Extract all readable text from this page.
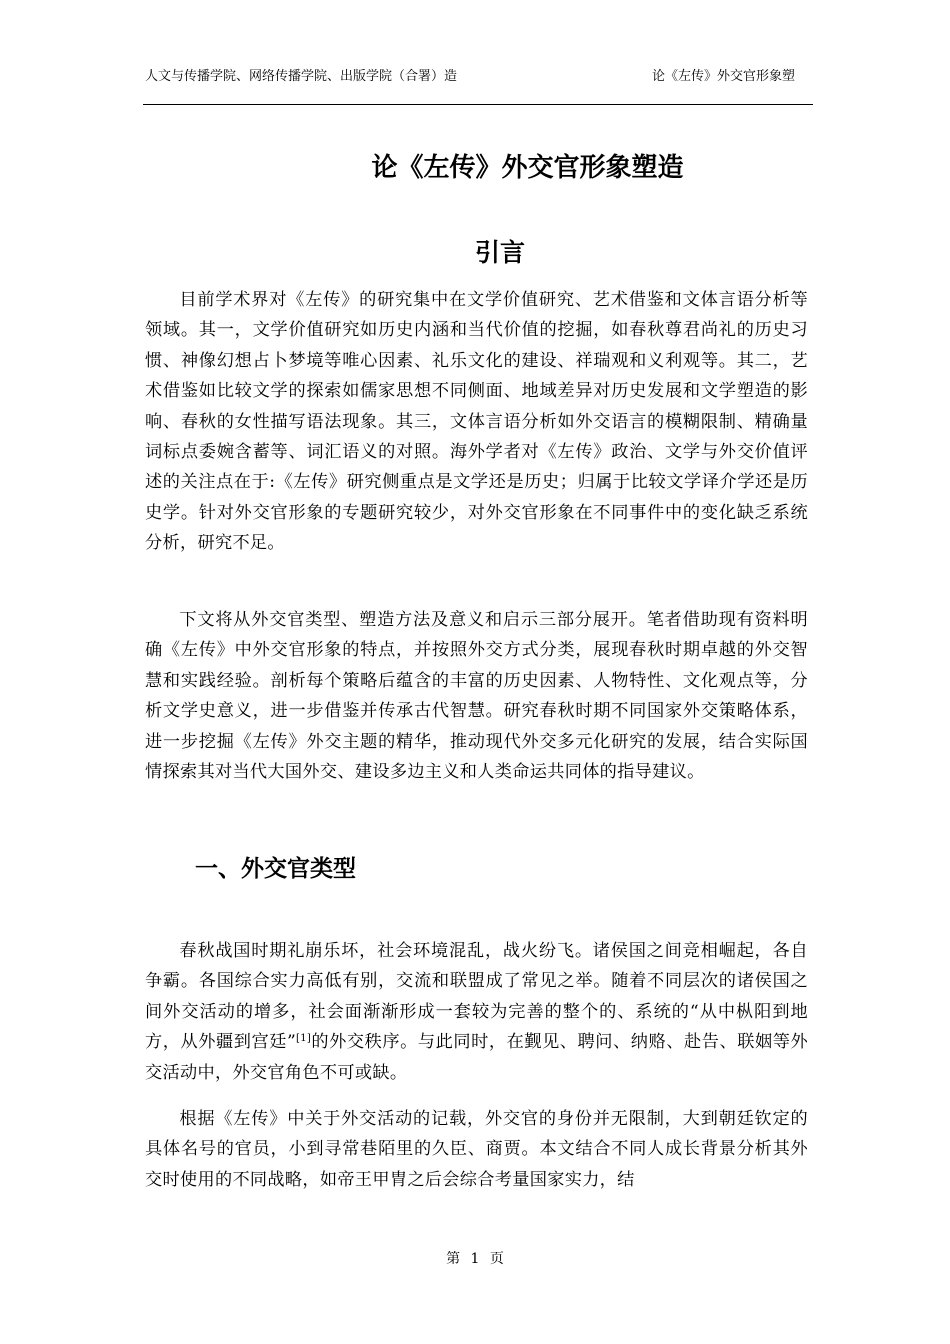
人文与传播学院、网络传播学院、出版学院（合署）造	论《左传》外交官形象塑
论《左传》外交官形象塑造
引言

目前学术界对《左传》的研究集中在文学价值研究、艺术借鉴和文体言语分析等领域。其一，文学价值研究如历史内涵和当代价值的挖掘，如春秋尊君尚礼的历史习惯、神像幻想占卜梦境等唯心因素、礼乐文化的建设、祥瑞观和义利观等。其二，艺术借鉴如比较文学的探索如儒家思想不同侧面、地域差异对历史发展和文学塑造的影响、春秋的女性描写语法现象。其三，文体言语分析如外交语言的模糊限制、精确量词标点委婉含蓄等、词汇语义的对照。海外学者对《左传》政治、文学与外交价值评述的关注点在于:《左传》研究侧重点是文学还是历史；归属于比较文学译介学还是历史学。针对外交官形象的专题研究较少，对外交官形象在不同事件中的变化缺乏系统分析，研究不足。

下文将从外交官类型、塑造方法及意义和启示三部分展开。笔者借助现有资料明确《左传》中外交官形象的特点，并按照外交方式分类，展现春秋时期卓越的外交智慧和实践经验。剖析每个策略后蕴含的丰富的历史因素、人物特性、文化观点等，分析文学史意义，进一步借鉴并传承古代智慧。研究春秋时期不同国家外交策略体系，进一步挖掘《左传》外交主题的精华，推动现代外交多元化研究的发展，结合实际国情探索其对当代大国外交、建设多边主义和人类命运共同体的指导建议。

一、外交官类型

春秋战国时期礼崩乐坏，社会环境混乱，战火纷飞。诸侯国之间竞相崛起，各自争霸。各国综合实力高低有别，交流和联盟成了常见之举。随着不同层次的诸侯国之间外交活动的增多，社会面渐渐形成一套较为完善的整个的、系统的“从中枞阳到地方，从外疆到宫廷”[1]的外交秩序。与此同时，在觐见、聘问、纳赂、赴告、联姻等外交活动中，外交官角色不可或缺。

根据《左传》中关于外交活动的记载，外交官的身份并无限制，大到朝廷钦定的具体名号的官员，小到寻常巷陌里的久臣、商贾。本文结合不同人成长背景分析其外交时使用的不同战略，如帝王甲胄之后会综合考量国家实力，结

第 1 页
